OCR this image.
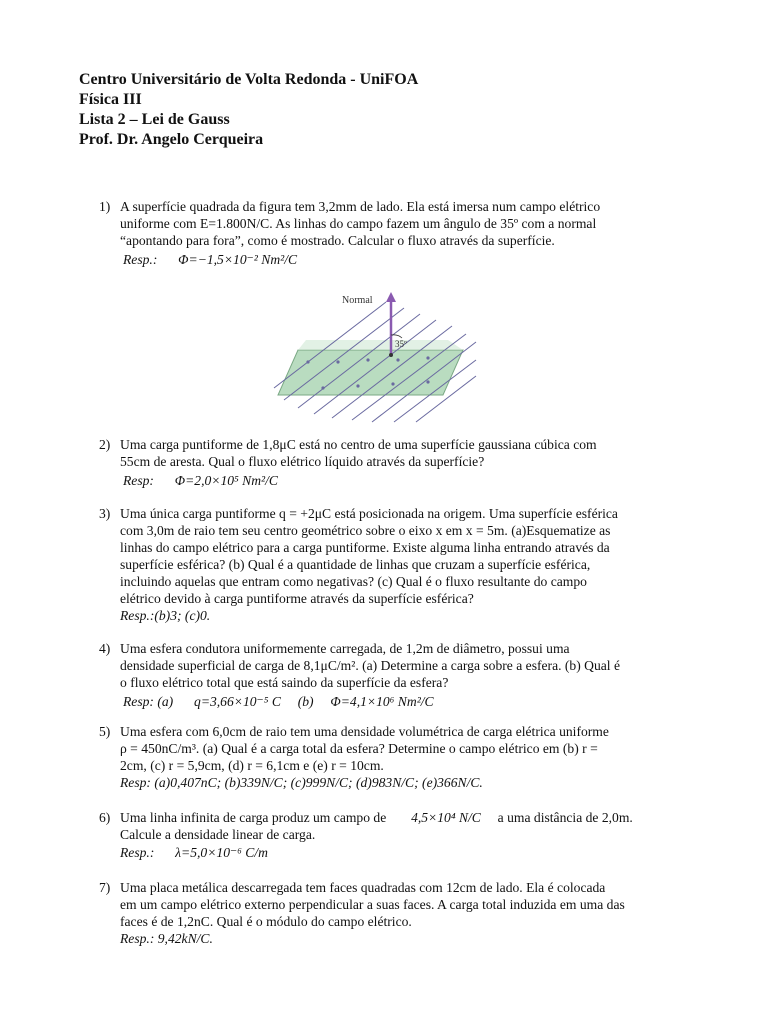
Centro Universitário de Volta Redonda - UniFOA
Física III
Lista 2 – Lei de Gauss
Prof. Dr. Angelo Cerqueira
1) A superfície quadrada da figura tem 3,2mm de lado. Ela está imersa num campo elétrico
uniforme com E=1.800N/C. As linhas do campo fazem um ângulo de 35º com a normal
“apontando para fora”, como é mostrado. Calcular o fluxo através da superfície.
Resp.: Φ=−1,5×10⁻² Nm²/C
Normal
35º
2) Uma carga puntiforme de 1,8μC está no centro de uma superfície gaussiana cúbica com
55cm de aresta. Qual o fluxo elétrico líquido através da superfície?
Resp: Φ=2,0×10⁵ Nm²/C
3) Uma única carga puntiforme q = +2μC está posicionada na origem. Uma superfície esférica
com 3,0m de raio tem seu centro geométrico sobre o eixo x em x = 5m. (a)Esquematize as
linhas do campo elétrico para a carga puntiforme. Existe alguma linha entrando através da
superfície esférica? (b) Qual é a quantidade de linhas que cruzam a superfície esférica,
incluindo aquelas que entram como negativas? (c) Qual é o fluxo resultante do campo
elétrico devido à carga puntiforme através da superfície esférica?
Resp.:(b)3; (c)0.
4) Uma esfera condutora uniformemente carregada, de 1,2m de diâmetro, possui uma
densidade superficial de carga de 8,1μC/m². (a) Determine a carga sobre a esfera. (b) Qual é
o fluxo elétrico total que está saindo da superfície da esfera?
Resp: (a) q=3,66×10⁻⁵ C (b) Φ=4,1×10⁶ Nm²/C
5) Uma esfera com 6,0cm de raio tem uma densidade volumétrica de carga elétrica uniforme
ρ = 450nC/m³. (a) Qual é a carga total da esfera? Determine o campo elétrico em (b) r =
2cm, (c) r = 5,9cm, (d) r = 6,1cm e (e) r = 10cm.
Resp: (a)0,407nC; (b)339N/C; (c)999N/C; (d)983N/C; (e)366N/C.
6) Uma linha infinita de carga produz um campo de 4,5×10⁴ N/C a uma distância de 2,0m.
Calcule a densidade linear de carga.
Resp.: λ=5,0×10⁻⁶ C/m
7) Uma placa metálica descarregada tem faces quadradas com 12cm de lado. Ela é colocada
em um campo elétrico externo perpendicular a suas faces. A carga total induzida em uma das
faces é de 1,2nC. Qual é o módulo do campo elétrico.
Resp.: 9,42kN/C.
